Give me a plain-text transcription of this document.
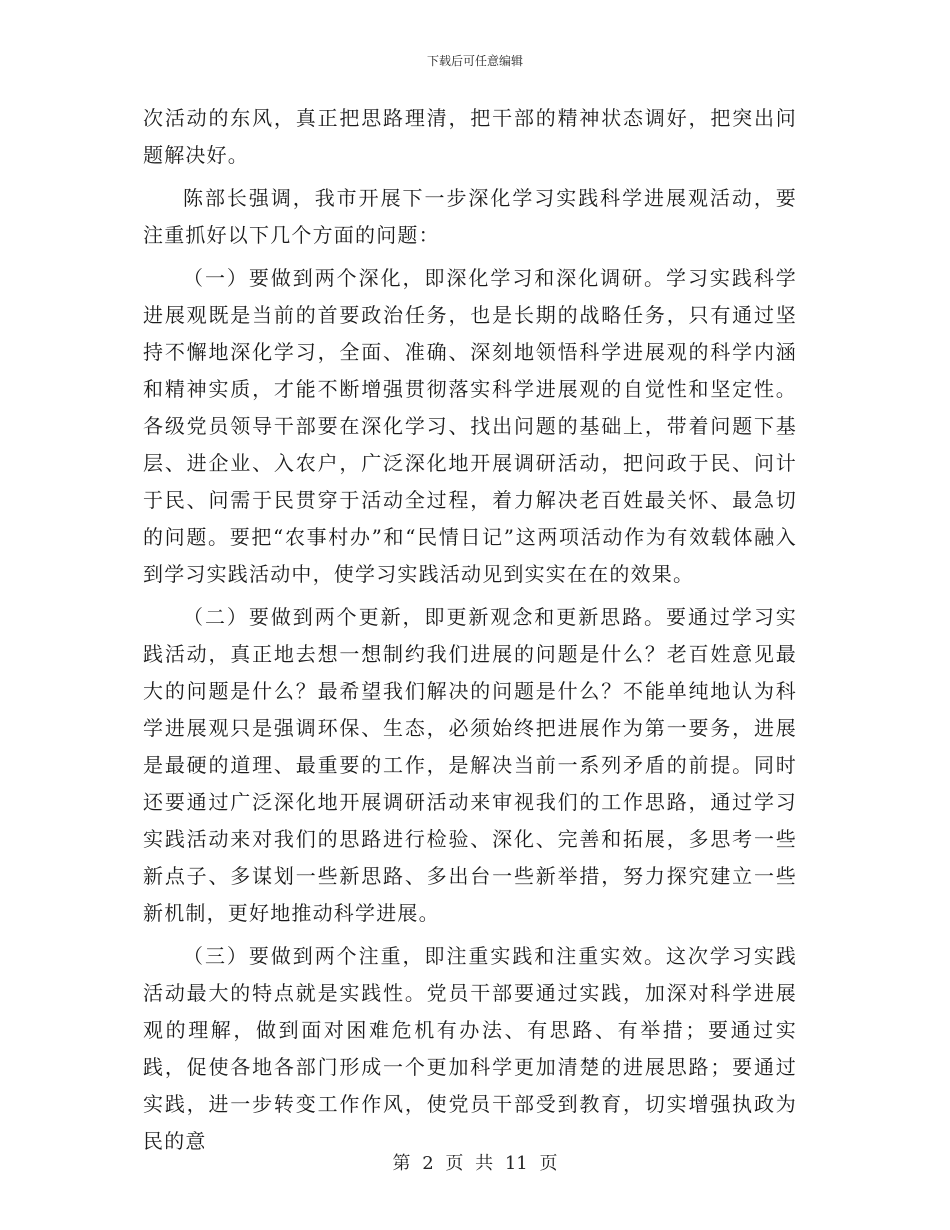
下载后可任意编辑

次活动的东风，真正把思路理清，把干部的精神状态调好，把突出问题解决好。

陈部长强调，我市开展下一步深化学习实践科学进展观活动，要注重抓好以下几个方面的问题：

（一）要做到两个深化，即深化学习和深化调研。学习实践科学进展观既是当前的首要政治任务，也是长期的战略任务，只有通过坚持不懈地深化学习，全面、准确、深刻地领悟科学进展观的科学内涵和精神实质，才能不断增强贯彻落实科学进展观的自觉性和坚定性。各级党员领导干部要在深化学习、找出问题的基础上，带着问题下基层、进企业、入农户，广泛深化地开展调研活动，把问政于民、问计于民、问需于民贯穿于活动全过程，着力解决老百姓最关怀、最急切的问题。要把“农事村办”和“民情日记”这两项活动作为有效载体融入到学习实践活动中，使学习实践活动见到实实在在的效果。

（二）要做到两个更新，即更新观念和更新思路。要通过学习实践活动，真正地去想一想制约我们进展的问题是什么？老百姓意见最大的问题是什么？最希望我们解决的问题是什么？不能单纯地认为科学进展观只是强调环保、生态，必须始终把进展作为第一要务，进展是最硬的道理、最重要的工作，是解决当前一系列矛盾的前提。同时还要通过广泛深化地开展调研活动来审视我们的工作思路，通过学习实践活动来对我们的思路进行检验、深化、完善和拓展，多思考一些新点子、多谋划一些新思路、多出台一些新举措，努力探究建立一些新机制，更好地推动科学进展。

（三）要做到两个注重，即注重实践和注重实效。这次学习实践活动最大的特点就是实践性。党员干部要通过实践，加深对科学进展观的理解，做到面对困难危机有办法、有思路、有举措；要通过实践，促使各地各部门形成一个更加科学更加清楚的进展思路；要通过实践，进一步转变工作作风，使党员干部受到教育，切实增强执政为民的意

第 2 页 共 11 页
